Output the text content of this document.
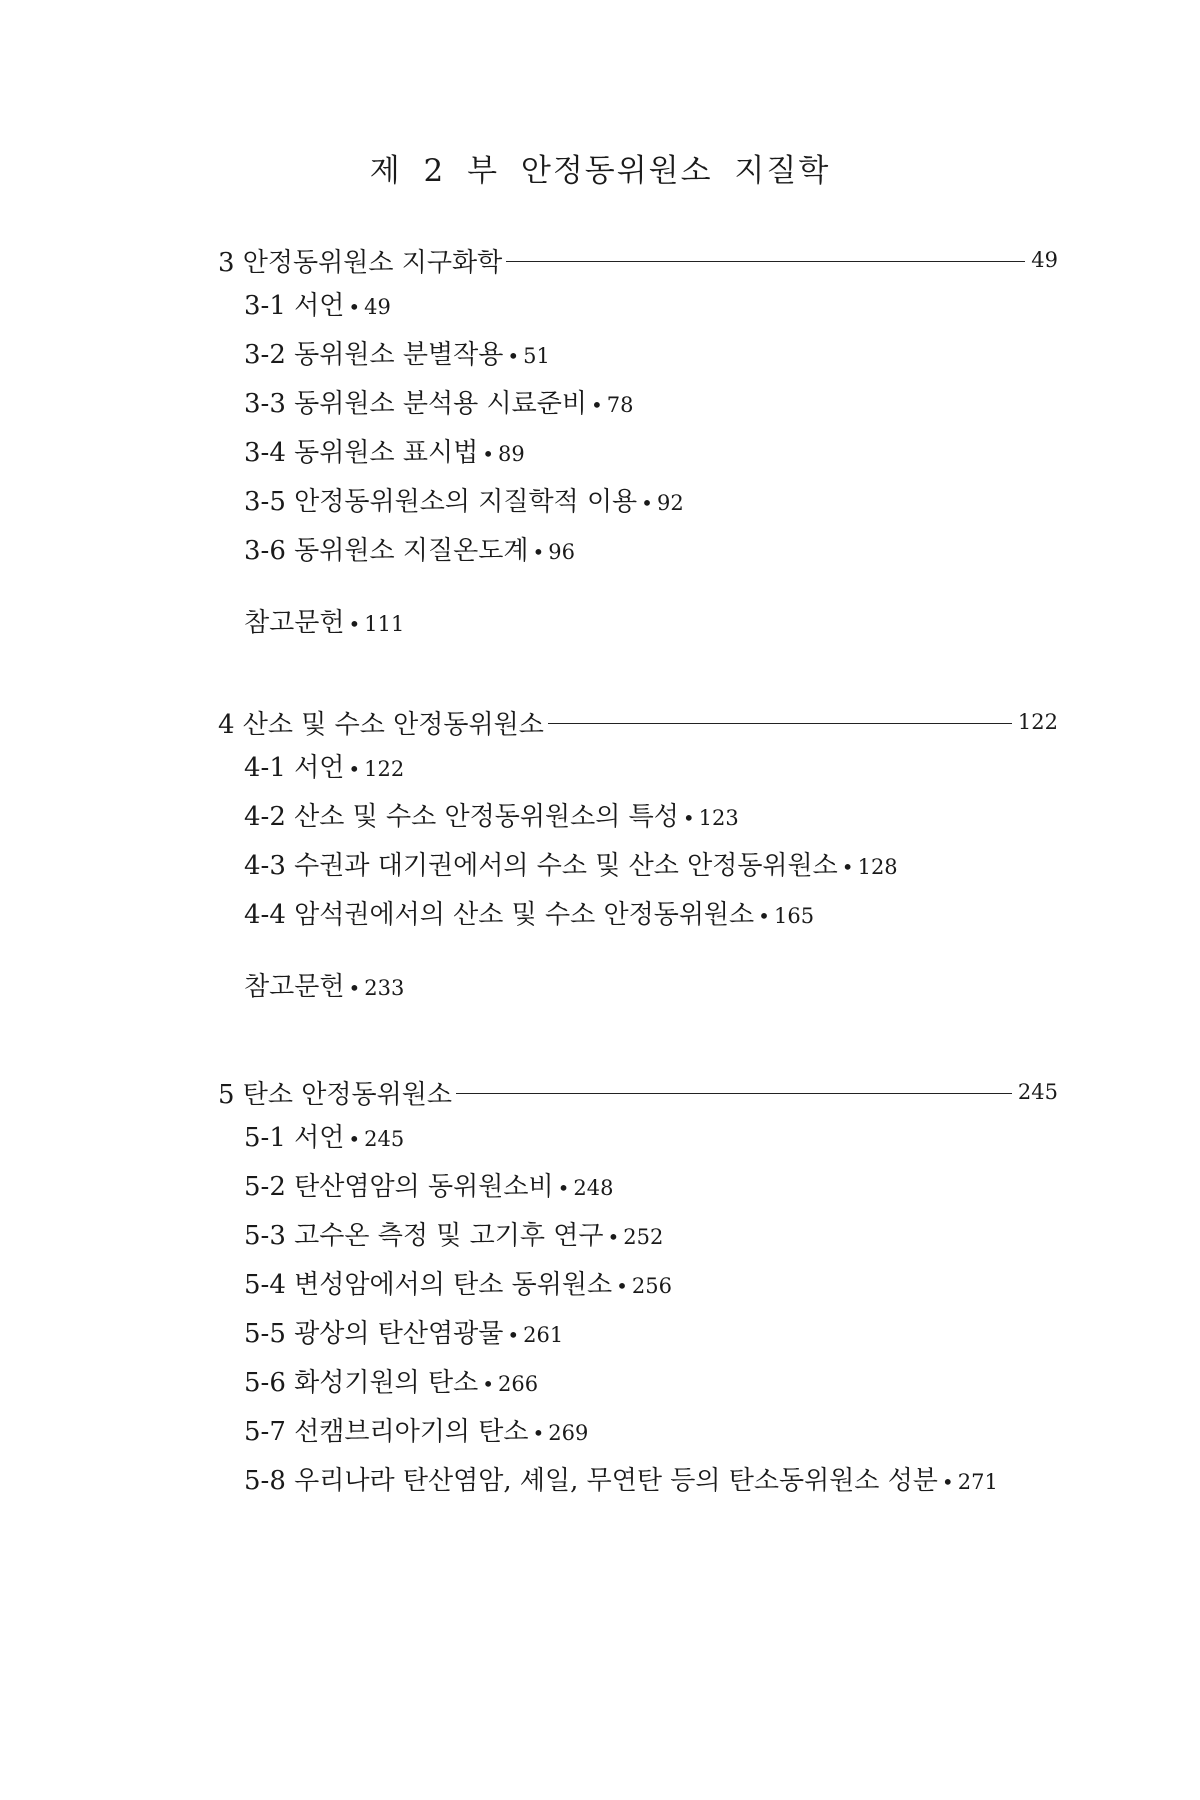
제 2 부 안정동위원소 지질학
3 안정동위원소 지구화학	49
3-1 서언 • 49
3-2 동위원소 분별작용 • 51
3-3 동위원소 분석용 시료준비 • 78
3-4 동위원소 표시법 • 89
3-5 안정동위원소의 지질학적 이용 • 92
3-6 동위원소 지질온도계 • 96
참고문헌 • 111
4 산소 및 수소 안정동위원소	122
4-1 서언 • 122
4-2 산소 및 수소 안정동위원소의 특성 • 123
4-3 수권과 대기권에서의 수소 및 산소 안정동위원소 • 128
4-4 암석권에서의 산소 및 수소 안정동위원소 • 165
참고문헌 • 233
5 탄소 안정동위원소	245
5-1 서언 • 245
5-2 탄산염암의 동위원소비 • 248
5-3 고수온 측정 및 고기후 연구 • 252
5-4 변성암에서의 탄소 동위원소 • 256
5-5 광상의 탄산염광물 • 261
5-6 화성기원의 탄소 • 266
5-7 선캠브리아기의 탄소 • 269
5-8 우리나라 탄산염암, 셰일, 무연탄 등의 탄소동위원소 성분 • 271
